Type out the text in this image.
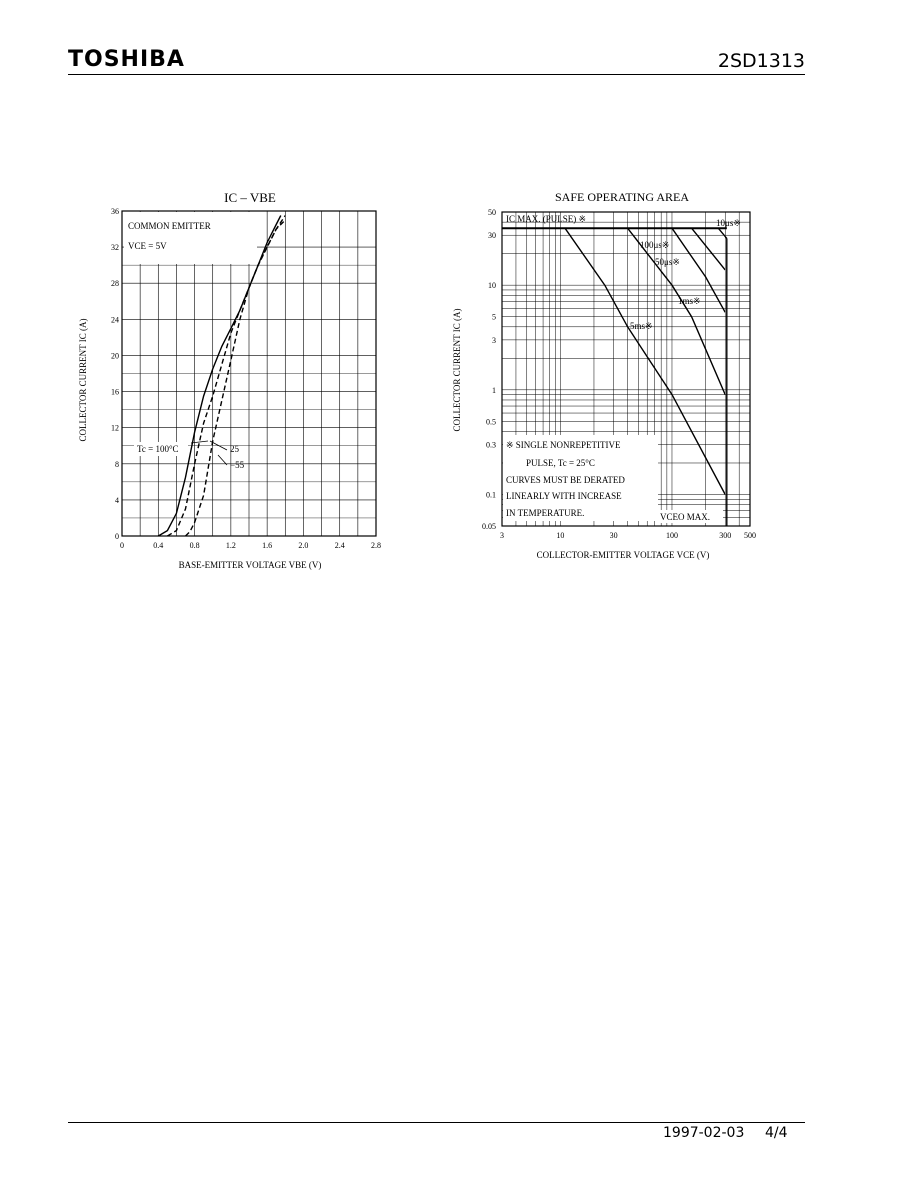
TOSHIBA	2SD1313
0	0.4	0.8	1.2	1.6	2.0	2.4	2.8
0
4
8
12
16
20
24
28
32
36
IC – VBE
BASE-EMITTER VOLTAGE VBE (V)
COLLECTOR CURRENT IC (A)
COMMON EMITTER
VCE = 5V
Tc = 100°C	25
−55
3	10	30	100	300 500
0.05
0.1
0.3
0.5
1
3
5
10
30
50
SAFE OPERATING AREA
COLLECTOR-EMITTER VOLTAGE VCE (V)
COLLECTOR CURRENT IC (A)
IC MAX. (PULSE) ※	10μs※
100μs※
50μs※
1ms※
5ms※
※ SINGLE NONREPETITIVE
PULSE, Tc = 25°C
CURVES MUST BE DERATED
LINEARLY WITH INCREASE
IN TEMPERATURE.	VCEO MAX.
1997-02-03 4/4
